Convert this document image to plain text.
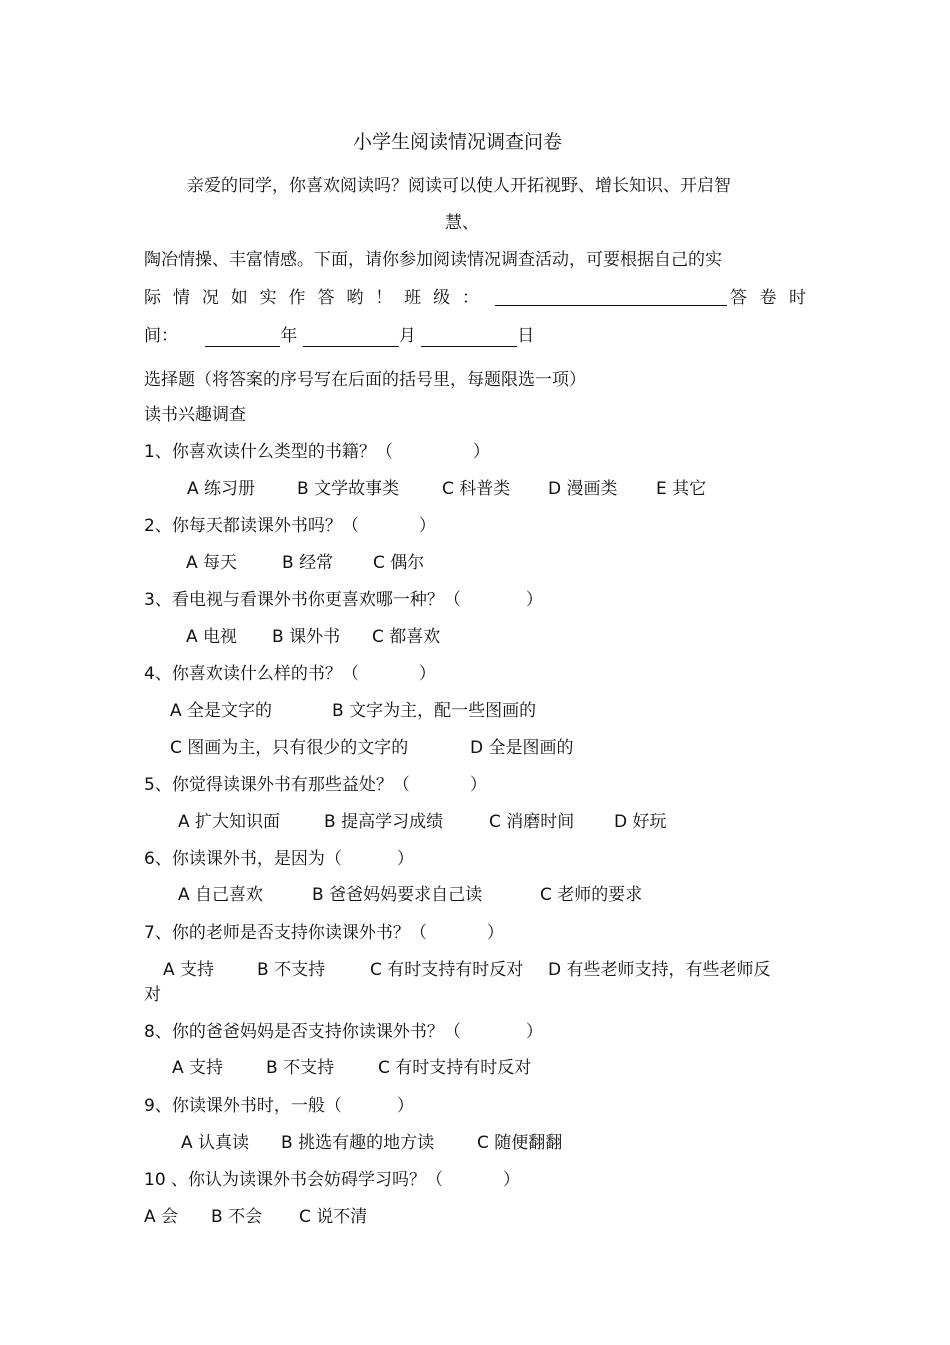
小学生阅读情况调查问卷
亲爱的同学，你喜欢阅读吗？阅读可以使人开拓视野、增长知识、开启智
慧、
陶冶情操、丰富情感。下面，请你参加阅读情况调查活动，可要根据自己的实
际 情 况 如 实 作 答 哟 ！ 班 级 ：	答 卷 时
间：	年	月	日
选择题（将答案的序号写在后面的括号里，每题限选一项）
读书兴趣调查
1、你喜欢读什么类型的书籍？（	）
A 练习册 B 文学故事类	C 科普类 D 漫画类 E 其它
2、你每天都读课外书吗？（	）
A 每天	B 经常 C 偶尔
3、看电视与看课外书你更喜欢哪一种？（	）
A 电视 B 课外书 C 都喜欢
4、你喜欢读什么样的书？（	）
A 全是文字的	B 文字为主，配一些图画的
C 图画为主，只有很少的文字的	D 全是图画的
5、你觉得读课外书有那些益处？（	）
A 扩大知识面	B 提高学习成绩	C 消磨时间 D 好玩
6、你读课外书，是因为（	）
A 自己喜欢	B 爸爸妈妈要求自己读	C 老师的要求
7、你的老师是否支持你读课外书？（	）
A 支持	B 不支持	C 有时支持有时反对 D 有些老师支持，有些老师反
对
8、你的爸爸妈妈是否支持你读课外书？（	）
A 支持	B 不支持	C 有时支持有时反对
9、你读课外书时，一般（	）
A 认真读 B 挑选有趣的地方读	C 随便翻翻
10 、你认为读课外书会妨碍学习吗？（	）
A 会 B 不会 C 说不清
